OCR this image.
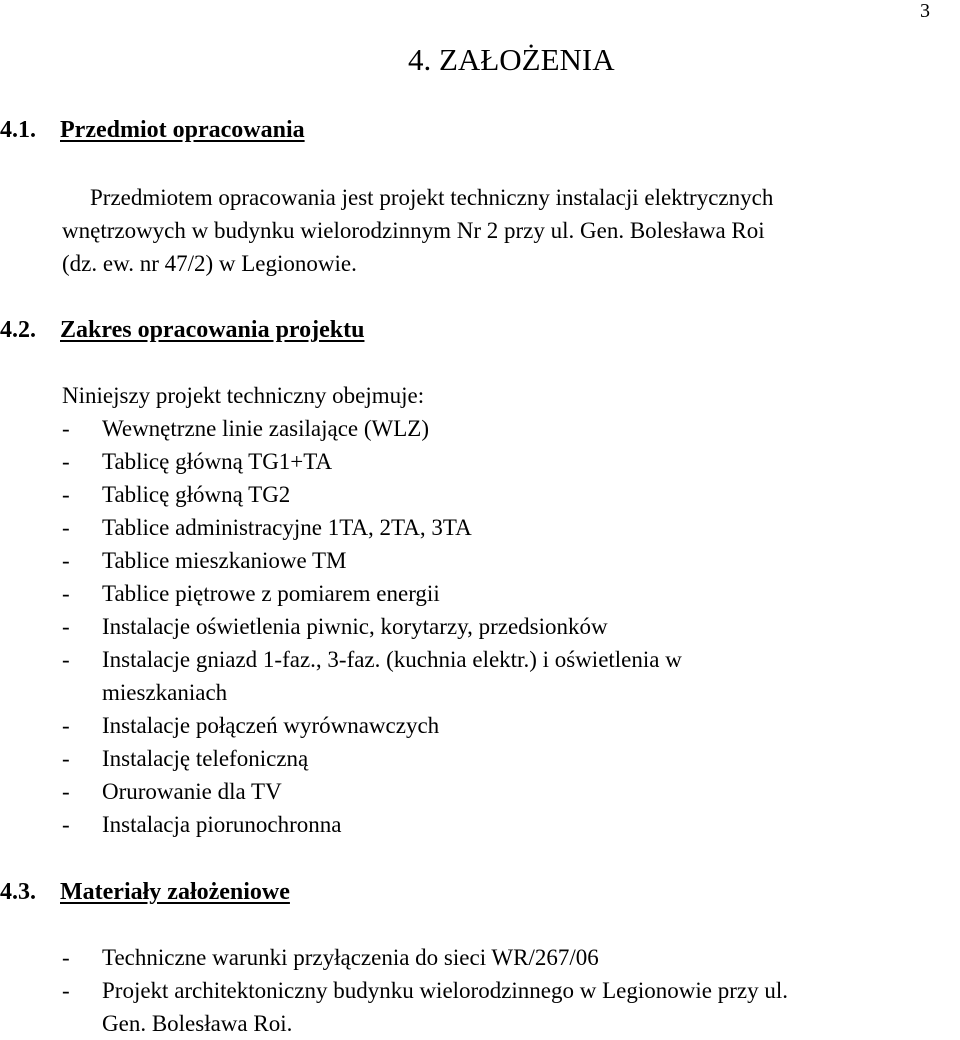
3
4. ZAŁOŻENIA
4.1. Przedmiot opracowania
Przedmiotem opracowania jest projekt techniczny instalacji elektrycznych
wnętrzowych w budynku wielorodzinnym Nr 2 przy ul. Gen. Bolesława Roi
(dz. ew. nr 47/2) w Legionowie.
4.2. Zakres opracowania projektu
Niniejszy projekt techniczny obejmuje:
- Wewnętrzne linie zasilające (WLZ)
- Tablicę główną TG1+TA
- Tablicę główną TG2
- Tablice administracyjne 1TA, 2TA, 3TA
- Tablice mieszkaniowe TM
- Tablice piętrowe z pomiarem energii
- Instalacje oświetlenia piwnic, korytarzy, przedsionków
- Instalacje gniazd 1-faz., 3-faz. (kuchnia elektr.) i oświetlenia w
mieszkaniach
- Instalacje połączeń wyrównawczych
- Instalację telefoniczną
- Orurowanie dla TV
- Instalacja piorunochronna
4.3. Materiały założeniowe
- Techniczne warunki przyłączenia do sieci WR/267/06
- Projekt architektoniczny budynku wielorodzinnego w Legionowie przy ul.
Gen. Bolesława Roi.
